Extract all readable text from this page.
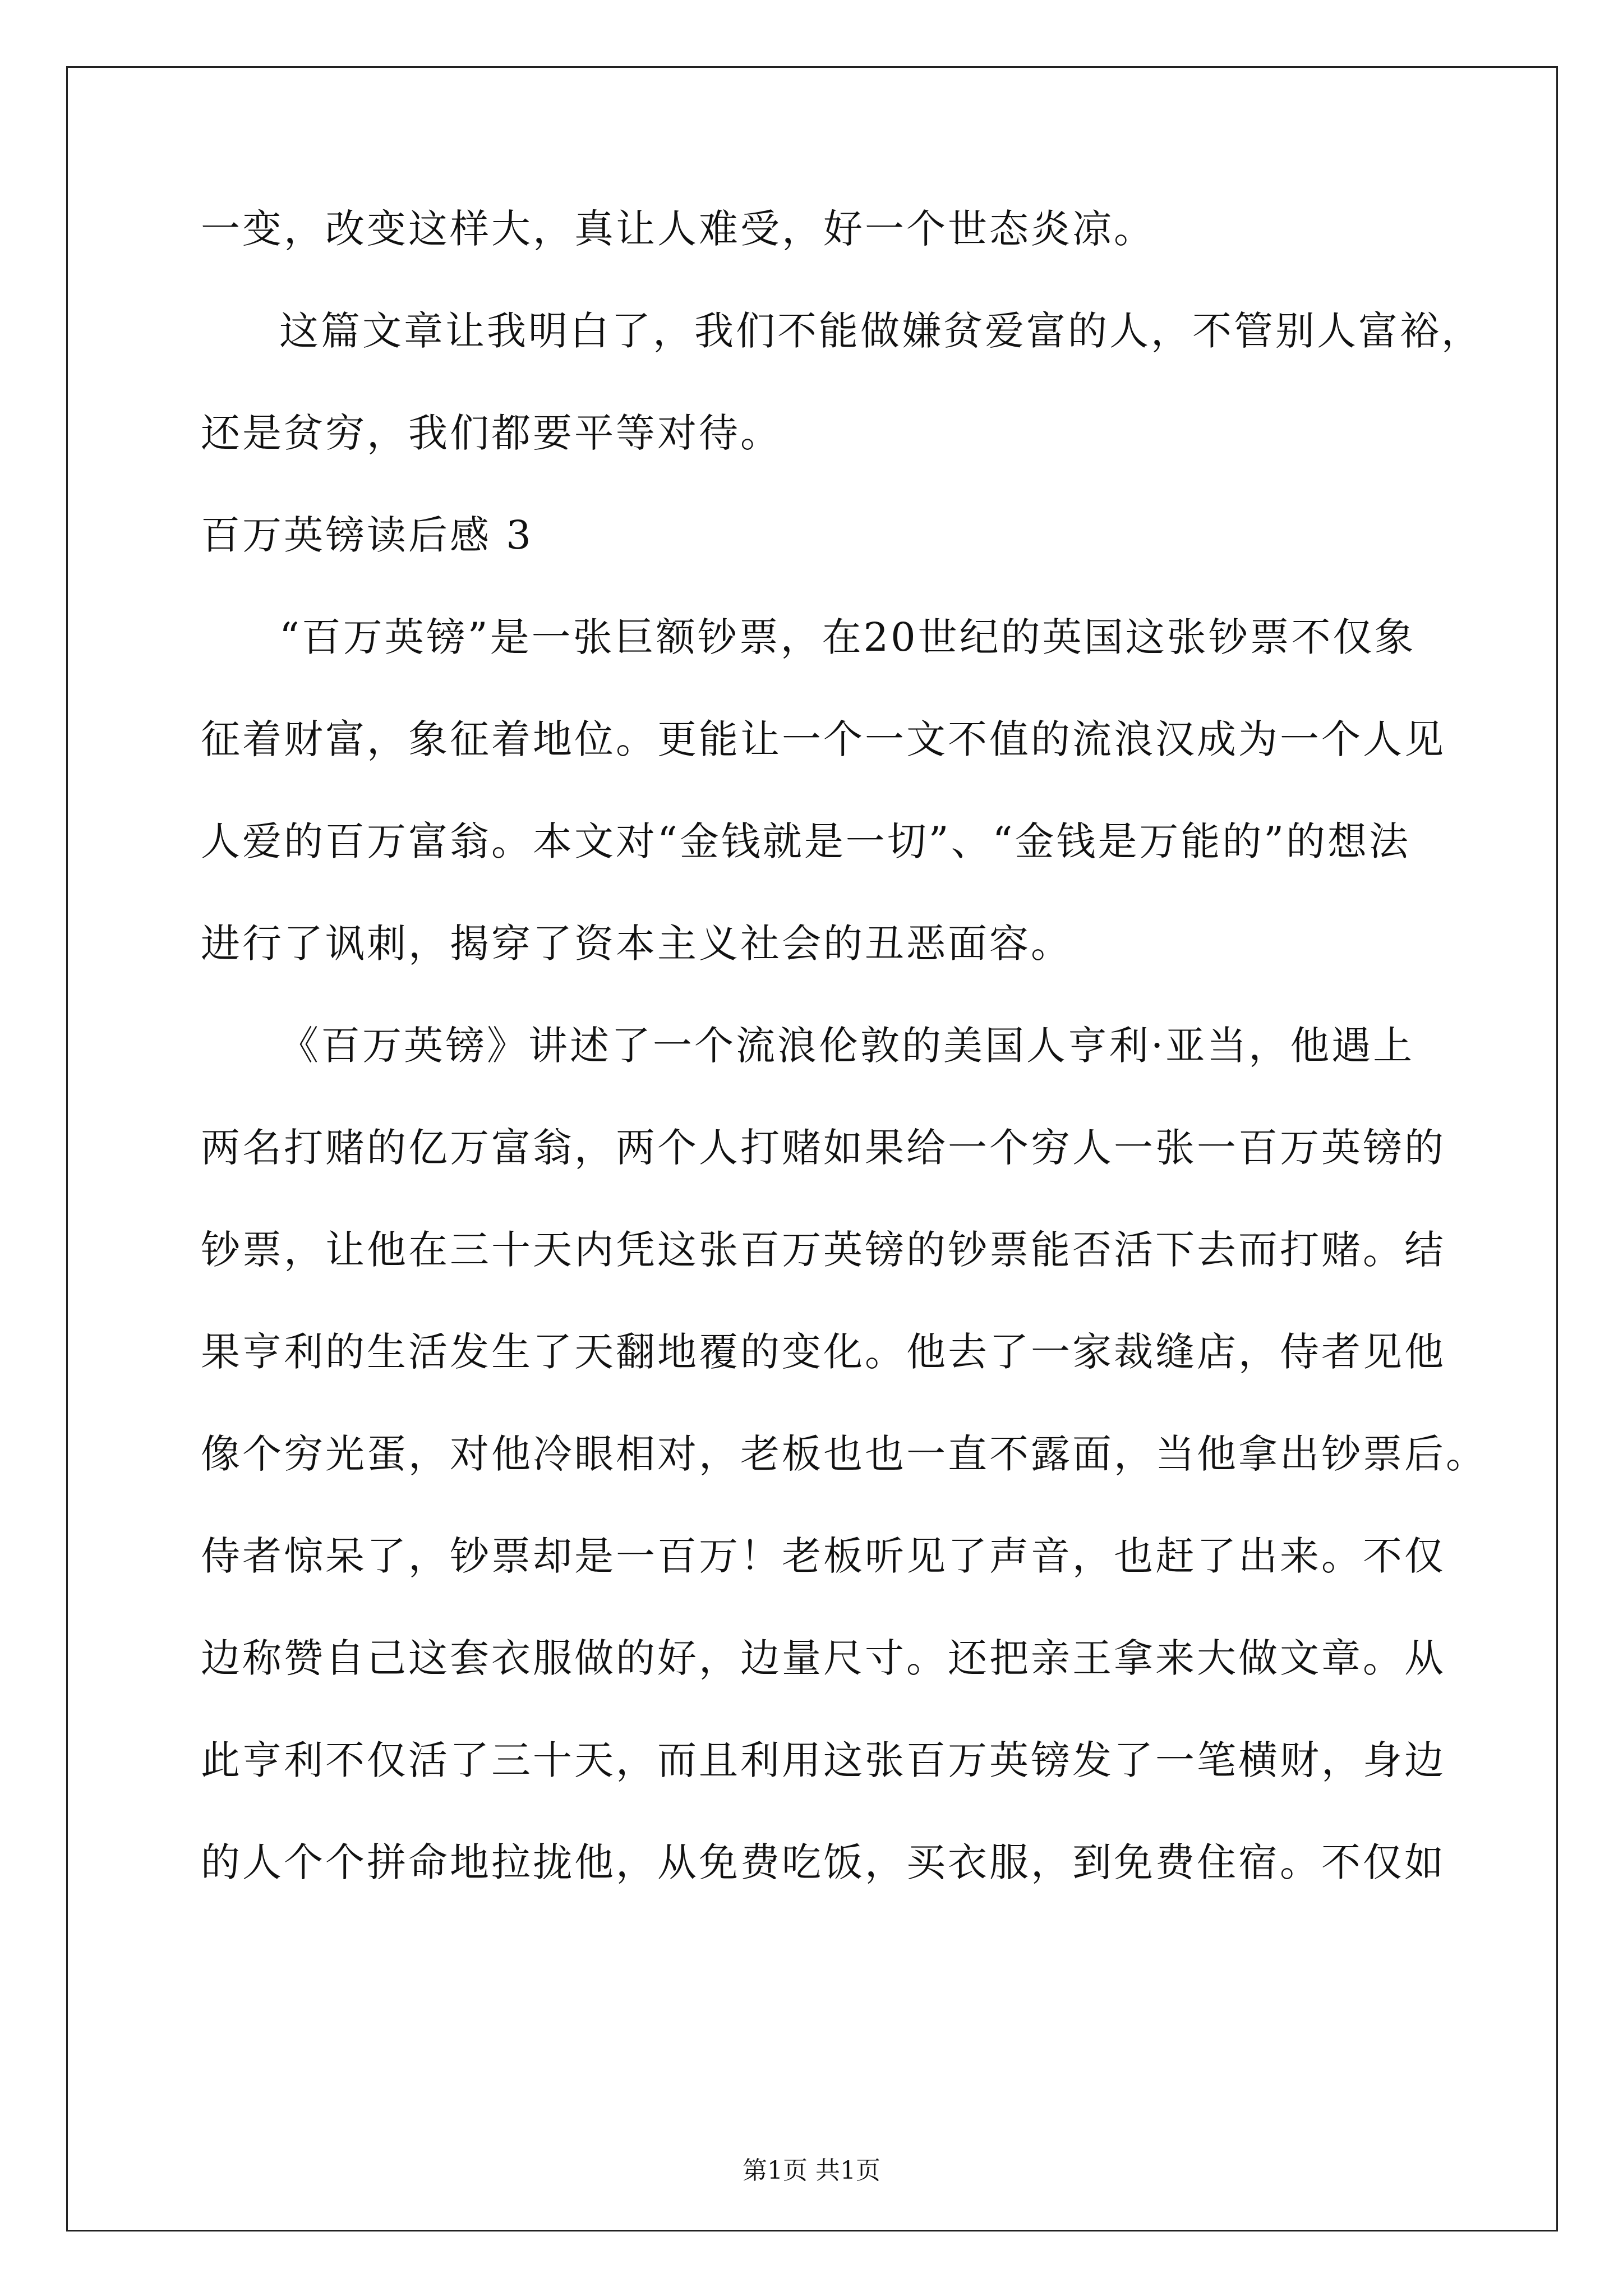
一变，改变这样大，真让人难受，好一个世态炎凉。
这篇文章让我明白了，我们不能做嫌贫爱富的人，不管别人富裕，
还是贫穷，我们都要平等对待。
百万英镑读后感 3
“百万英镑”是一张巨额钞票，在20世纪的英国这张钞票不仅象
征着财富，象征着地位。更能让一个一文不值的流浪汉成为一个人见
人爱的百万富翁。本文对“金钱就是一切”、“金钱是万能的”的想法
进行了讽刺，揭穿了资本主义社会的丑恶面容。
《百万英镑》讲述了一个流浪伦敦的美国人亨利·亚当，他遇上
两名打赌的亿万富翁，两个人打赌如果给一个穷人一张一百万英镑的
钞票，让他在三十天内凭这张百万英镑的钞票能否活下去而打赌。结
果亨利的生活发生了天翻地覆的变化。他去了一家裁缝店，侍者见他
像个穷光蛋，对他冷眼相对，老板也也一直不露面，当他拿出钞票后。
侍者惊呆了，钞票却是一百万！老板听见了声音，也赶了出来。不仅
边称赞自己这套衣服做的好，边量尺寸。还把亲王拿来大做文章。从
此亨利不仅活了三十天，而且利用这张百万英镑发了一笔横财，身边
的人个个拼命地拉拢他，从免费吃饭，买衣服，到免费住宿。不仅如
第1页 共1页
